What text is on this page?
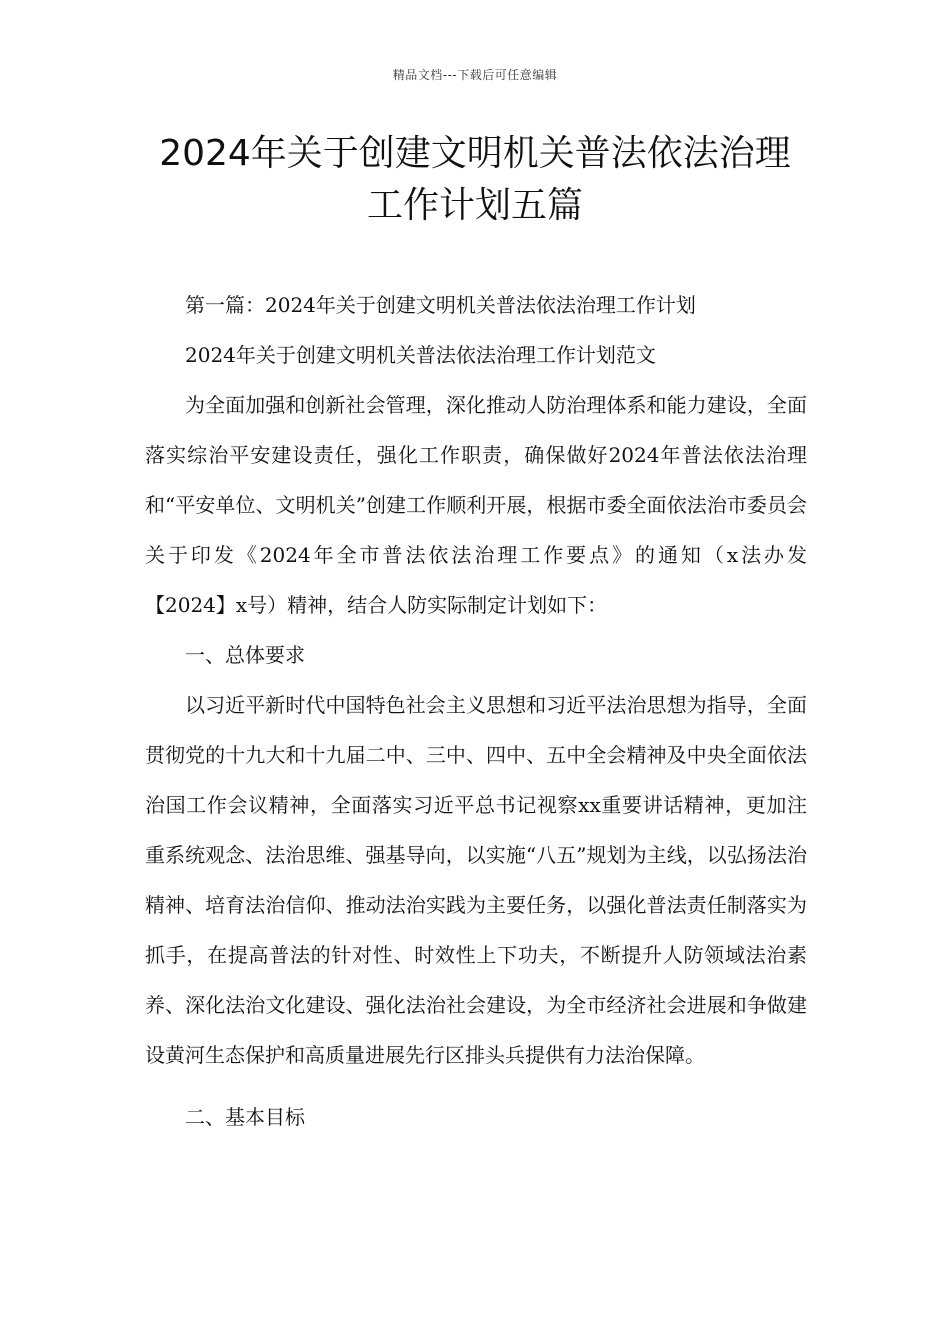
精品文档---下载后可任意编辑
2024年关于创建文明机关普法依法治理
工作计划五篇

第一篇：2024年关于创建文明机关普法依法治理工作计划

2024年关于创建文明机关普法依法治理工作计划范文

为全面加强和创新社会管理，深化推动人防治理体系和能力建设，全面落实综治平安建设责任，强化工作职责，确保做好2024年普法依法治理和“平安单位、文明机关”创建工作顺利开展，根据市委全面依法治市委员会关于印发《2024年全市普法依法治理工作要点》的通知（x法办发【2024】x号）精神，结合人防实际制定计划如下：

一、总体要求

以习近平新时代中国特色社会主义思想和习近平法治思想为指导，全面贯彻党的十九大和十九届二中、三中、四中、五中全会精神及中央全面依法治国工作会议精神，全面落实习近平总书记视察xx重要讲话精神，更加注重系统观念、法治思维、强基导向，以实施“八五”规划为主线，以弘扬法治精神、培育法治信仰、推动法治实践为主要任务，以强化普法责任制落实为抓手，在提高普法的针对性、时效性上下功夫，不断提升人防领域法治素养、深化法治文化建设、强化法治社会建设，为全市经济社会进展和争做建设黄河生态保护和高质量进展先行区排头兵提供有力法治保障。

二、基本目标
